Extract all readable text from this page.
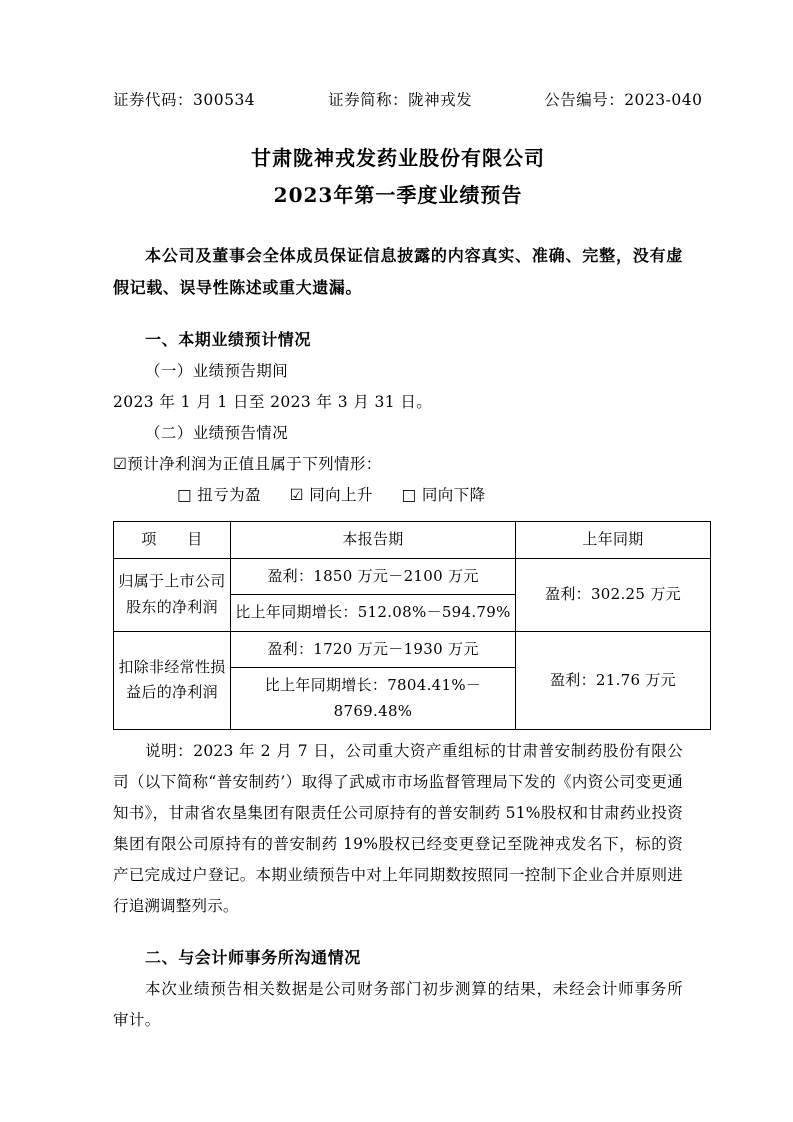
证券代码：300534	证券简称：陇神戎发	公告编号：2023-040
甘肃陇神戎发药业股份有限公司
2023年第一季度业绩预告
本公司及董事会全体成员保证信息披露的内容真实、准确、完整，没有虚假记载、误导性陈述或重大遗漏。
一、本期业绩预计情况
（一）业绩预告期间
2023 年 1 月 1 日至 2023 年 3 月 31 日。
（二）业绩预告情况
☑预计净利润为正值且属于下列情形：
□ 扭亏为盈 ☑ 同向上升 □ 同向下降
项　　目	本报告期	上年同期
归属于上市公司股东的净利润	盈利：1850 万元－2100 万元	盈利：302.25 万元
	比上年同期增长：512.08%－594.79%	
扣除非经常性损益后的净利润	盈利：1720 万元－1930 万元	盈利：21.76 万元
	比上年同期增长：7804.41%－8769.48%	
说明：2023 年 2 月 7 日，公司重大资产重组标的甘肃普安制药股份有限公司（以下简称“普安制药’）取得了武威市市场监督管理局下发的《内资公司变更通知书》，甘肃省农垦集团有限责任公司原持有的普安制药 51%股权和甘肃药业投资集团有限公司原持有的普安制药 19%股权已经变更登记至陇神戎发名下，标的资产已完成过户登记。本期业绩预告中对上年同期数按照同一控制下企业合并原则进行追溯调整列示。
二、与会计师事务所沟通情况
本次业绩预告相关数据是公司财务部门初步测算的结果，未经会计师事务所审计。
